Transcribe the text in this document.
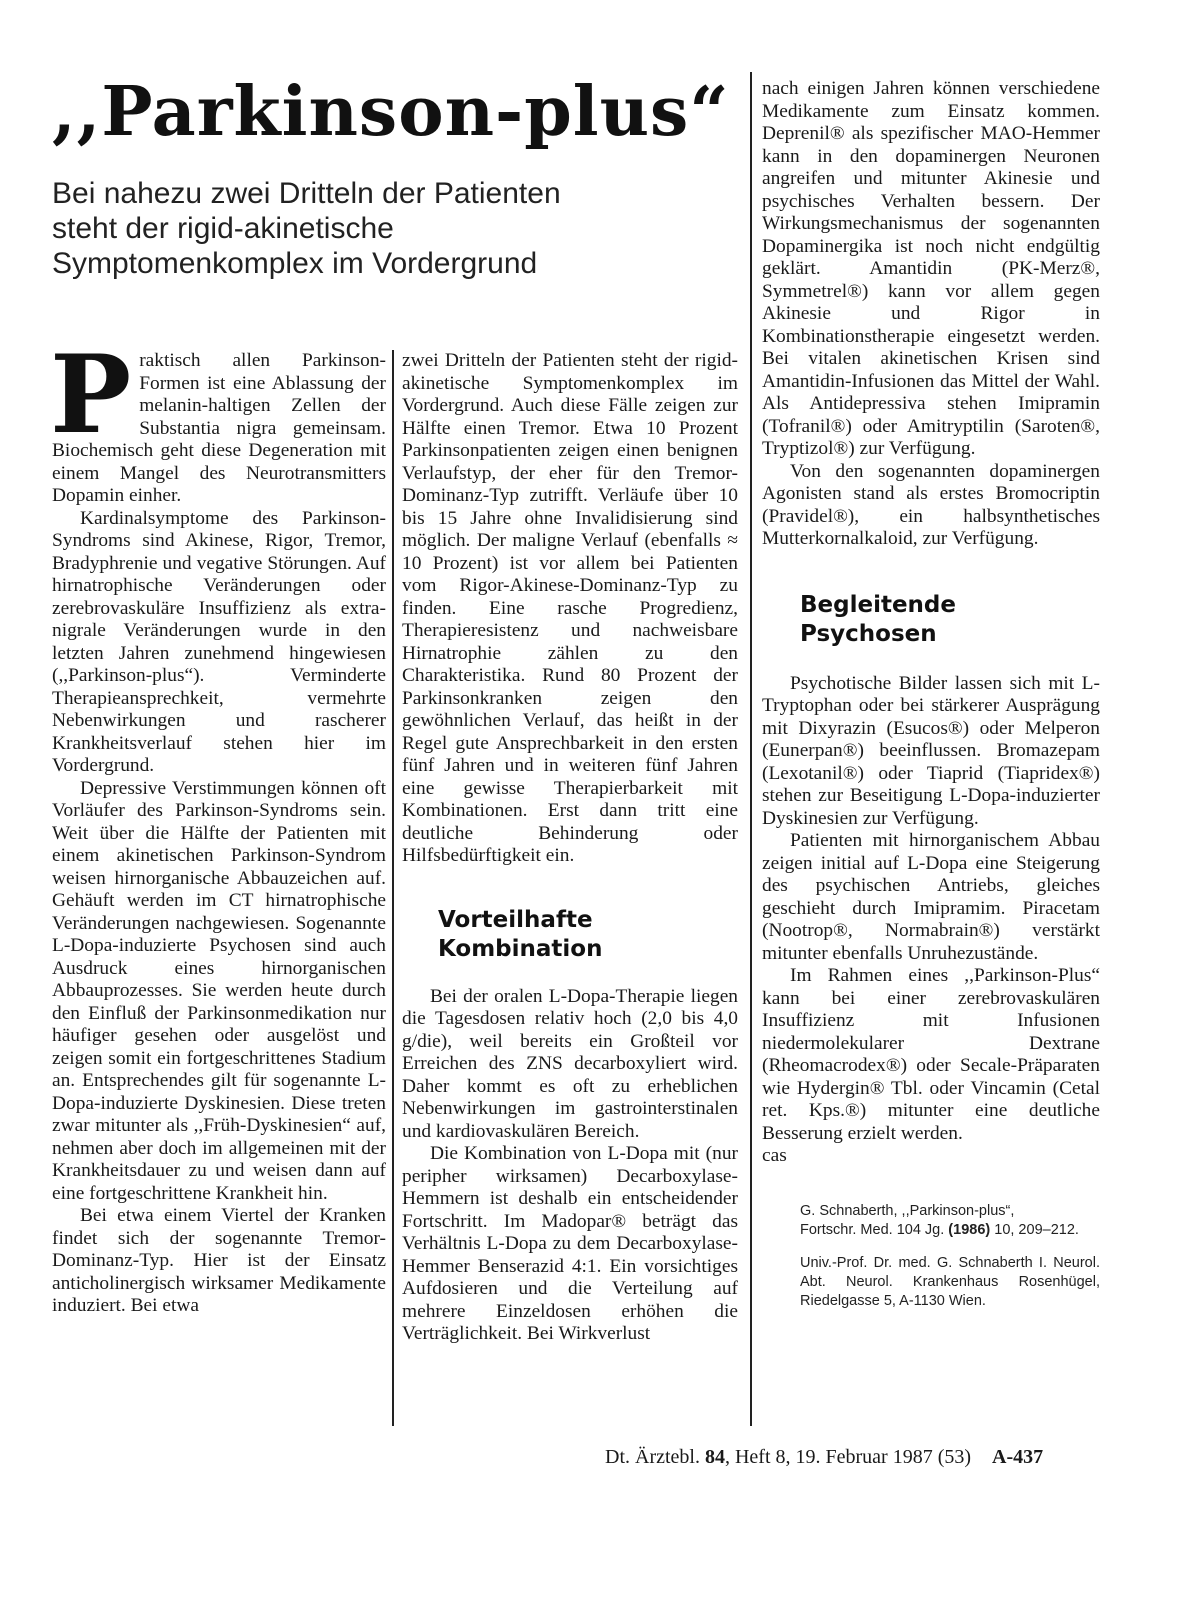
,,Parkinson-plus“
Bei nahezu zwei Dritteln der Patienten
steht der rigid-akinetische
Symptomenkomplex im Vordergrund

Praktisch allen Parkinson-Formen ist eine Ablassung der melanin-haltigen Zellen der Substantia nigra gemeinsam. Biochemisch geht diese Degeneration mit einem Mangel des Neurotransmitters Dopamin einher.

Kardinalsymptome des Parkinson-Syndroms sind Akinese, Rigor, Tremor, Bradyphrenie und vegative Störungen. Auf hirnatrophische Veränderungen oder zerebrovaskuläre Insuffizienz als extra-nigrale Veränderungen wurde in den letzten Jahren zunehmend hingewiesen (,,Parkinson-plus“). Verminderte Therapieansprechkeit, vermehrte Nebenwirkungen und rascherer Krankheitsverlauf stehen hier im Vordergrund.

Depressive Verstimmungen können oft Vorläufer des Parkinson-Syndroms sein. Weit über die Hälfte der Patienten mit einem akinetischen Parkinson-Syndrom weisen hirnorganische Abbauzeichen auf. Gehäuft werden im CT hirnatrophische Veränderungen nachgewiesen. Sogenannte L-Dopa-induzierte Psychosen sind auch Ausdruck eines hirnorganischen Abbauprozesses. Sie werden heute durch den Einfluß der Parkinsonmedikation nur häufiger gesehen oder ausgelöst und zeigen somit ein fortgeschrittenes Stadium an. Entsprechendes gilt für sogenannte L-Dopa-induzierte Dyskinesien. Diese treten zwar mitunter als ,,Früh-Dyskinesien“ auf, nehmen aber doch im allgemeinen mit der Krankheitsdauer zu und weisen dann auf eine fortgeschrittene Krankheit hin.

Bei etwa einem Viertel der Kranken findet sich der sogenannte Tremor-Dominanz-Typ. Hier ist der Einsatz anticholinergisch wirksamer Medikamente induziert. Bei etwa

zwei Dritteln der Patienten steht der rigid-akinetische Symptomenkomplex im Vordergrund. Auch diese Fälle zeigen zur Hälfte einen Tremor. Etwa 10 Prozent Parkinsonpatienten zeigen einen benignen Verlaufstyp, der eher für den Tremor-Dominanz-Typ zutrifft. Verläufe über 10 bis 15 Jahre ohne Invalidisierung sind möglich. Der maligne Verlauf (ebenfalls ≈ 10 Prozent) ist vor allem bei Patienten vom Rigor-Akinese-Dominanz-Typ zu finden. Eine rasche Progredienz, Therapieresistenz und nachweisbare Hirnatrophie zählen zu den Charakteristika. Rund 80 Prozent der Parkinsonkranken zeigen den gewöhnlichen Verlauf, das heißt in der Regel gute Ansprechbarkeit in den ersten fünf Jahren und in weiteren fünf Jahren eine gewisse Therapierbarkeit mit Kombinationen. Erst dann tritt eine deutliche Behinderung oder Hilfsbedürftigkeit ein.

Vorteilhafte
Kombination

Bei der oralen L-Dopa-Therapie liegen die Tagesdosen relativ hoch (2,0 bis 4,0 g/die), weil bereits ein Großteil vor Erreichen des ZNS decarboxyliert wird. Daher kommt es oft zu erheblichen Nebenwirkungen im gastrointerstinalen und kardiovaskulären Bereich.

Die Kombination von L-Dopa mit (nur peripher wirksamen) Decarboxylase-Hemmern ist deshalb ein entscheidender Fortschritt. Im Madopar® beträgt das Verhältnis L-Dopa zu dem Decarboxylase-Hemmer Benserazid 4:1. Ein vorsichtiges Aufdosieren und die Verteilung auf mehrere Einzeldosen erhöhen die Verträglichkeit. Bei Wirkverlust

nach einigen Jahren können verschiedene Medikamente zum Einsatz kommen. Deprenil® als spezifischer MAO-Hemmer kann in den dopaminergen Neuronen angreifen und mitunter Akinesie und psychisches Verhalten bessern. Der Wirkungsmechanismus der sogenannten Dopaminergika ist noch nicht endgültig geklärt. Amantidin (PK-Merz®, Symmetrel®) kann vor allem gegen Akinesie und Rigor in Kombinationstherapie eingesetzt werden. Bei vitalen akinetischen Krisen sind Amantidin-Infusionen das Mittel der Wahl. Als Antidepressiva stehen Imipramin (Tofranil®) oder Amitryptilin (Saroten®, Tryptizol®) zur Verfügung.

Von den sogenannten dopaminergen Agonisten stand als erstes Bromocriptin (Pravidel®), ein halbsynthetisches Mutterkornalkaloid, zur Verfügung.

Begleitende
Psychosen

Psychotische Bilder lassen sich mit L-Tryptophan oder bei stärkerer Ausprägung mit Dixyrazin (Esucos®) oder Melperon (Eunerpan®) beeinflussen. Bromazepam (Lexotanil®) oder Tiaprid (Tiapridex®) stehen zur Beseitigung L-Dopa-induzierter Dyskinesien zur Verfügung.

Patienten mit hirnorganischem Abbau zeigen initial auf L-Dopa eine Steigerung des psychischen Antriebs, gleiches geschieht durch Imipramim. Piracetam (Nootrop®, Normabrain®) verstärkt mitunter ebenfalls Unruhezustände.

Im Rahmen eines ,,Parkinson-Plus“ kann bei einer zerebrovaskulären Insuffizienz mit Infusionen niedermolekularer Dextrane (Rheomacrodex®) oder Secale-Präparaten wie Hydergin® Tbl. oder Vincamin (Cetal ret. Kps.®) mitunter eine deutliche Besserung erzielt werden.

cas

G. Schnaberth, ,,Parkinson-plus“,
Fortschr. Med. 104 Jg. (1986) 10, 209–212.

Univ.-Prof. Dr. med. G. Schnaberth I. Neurol. Abt. Neurol. Krankenhaus Rosenhügel, Riedelgasse 5, A-1130 Wien.

Dt. Ärztebl. 84, Heft 8, 19. Februar 1987 (53) A-437
